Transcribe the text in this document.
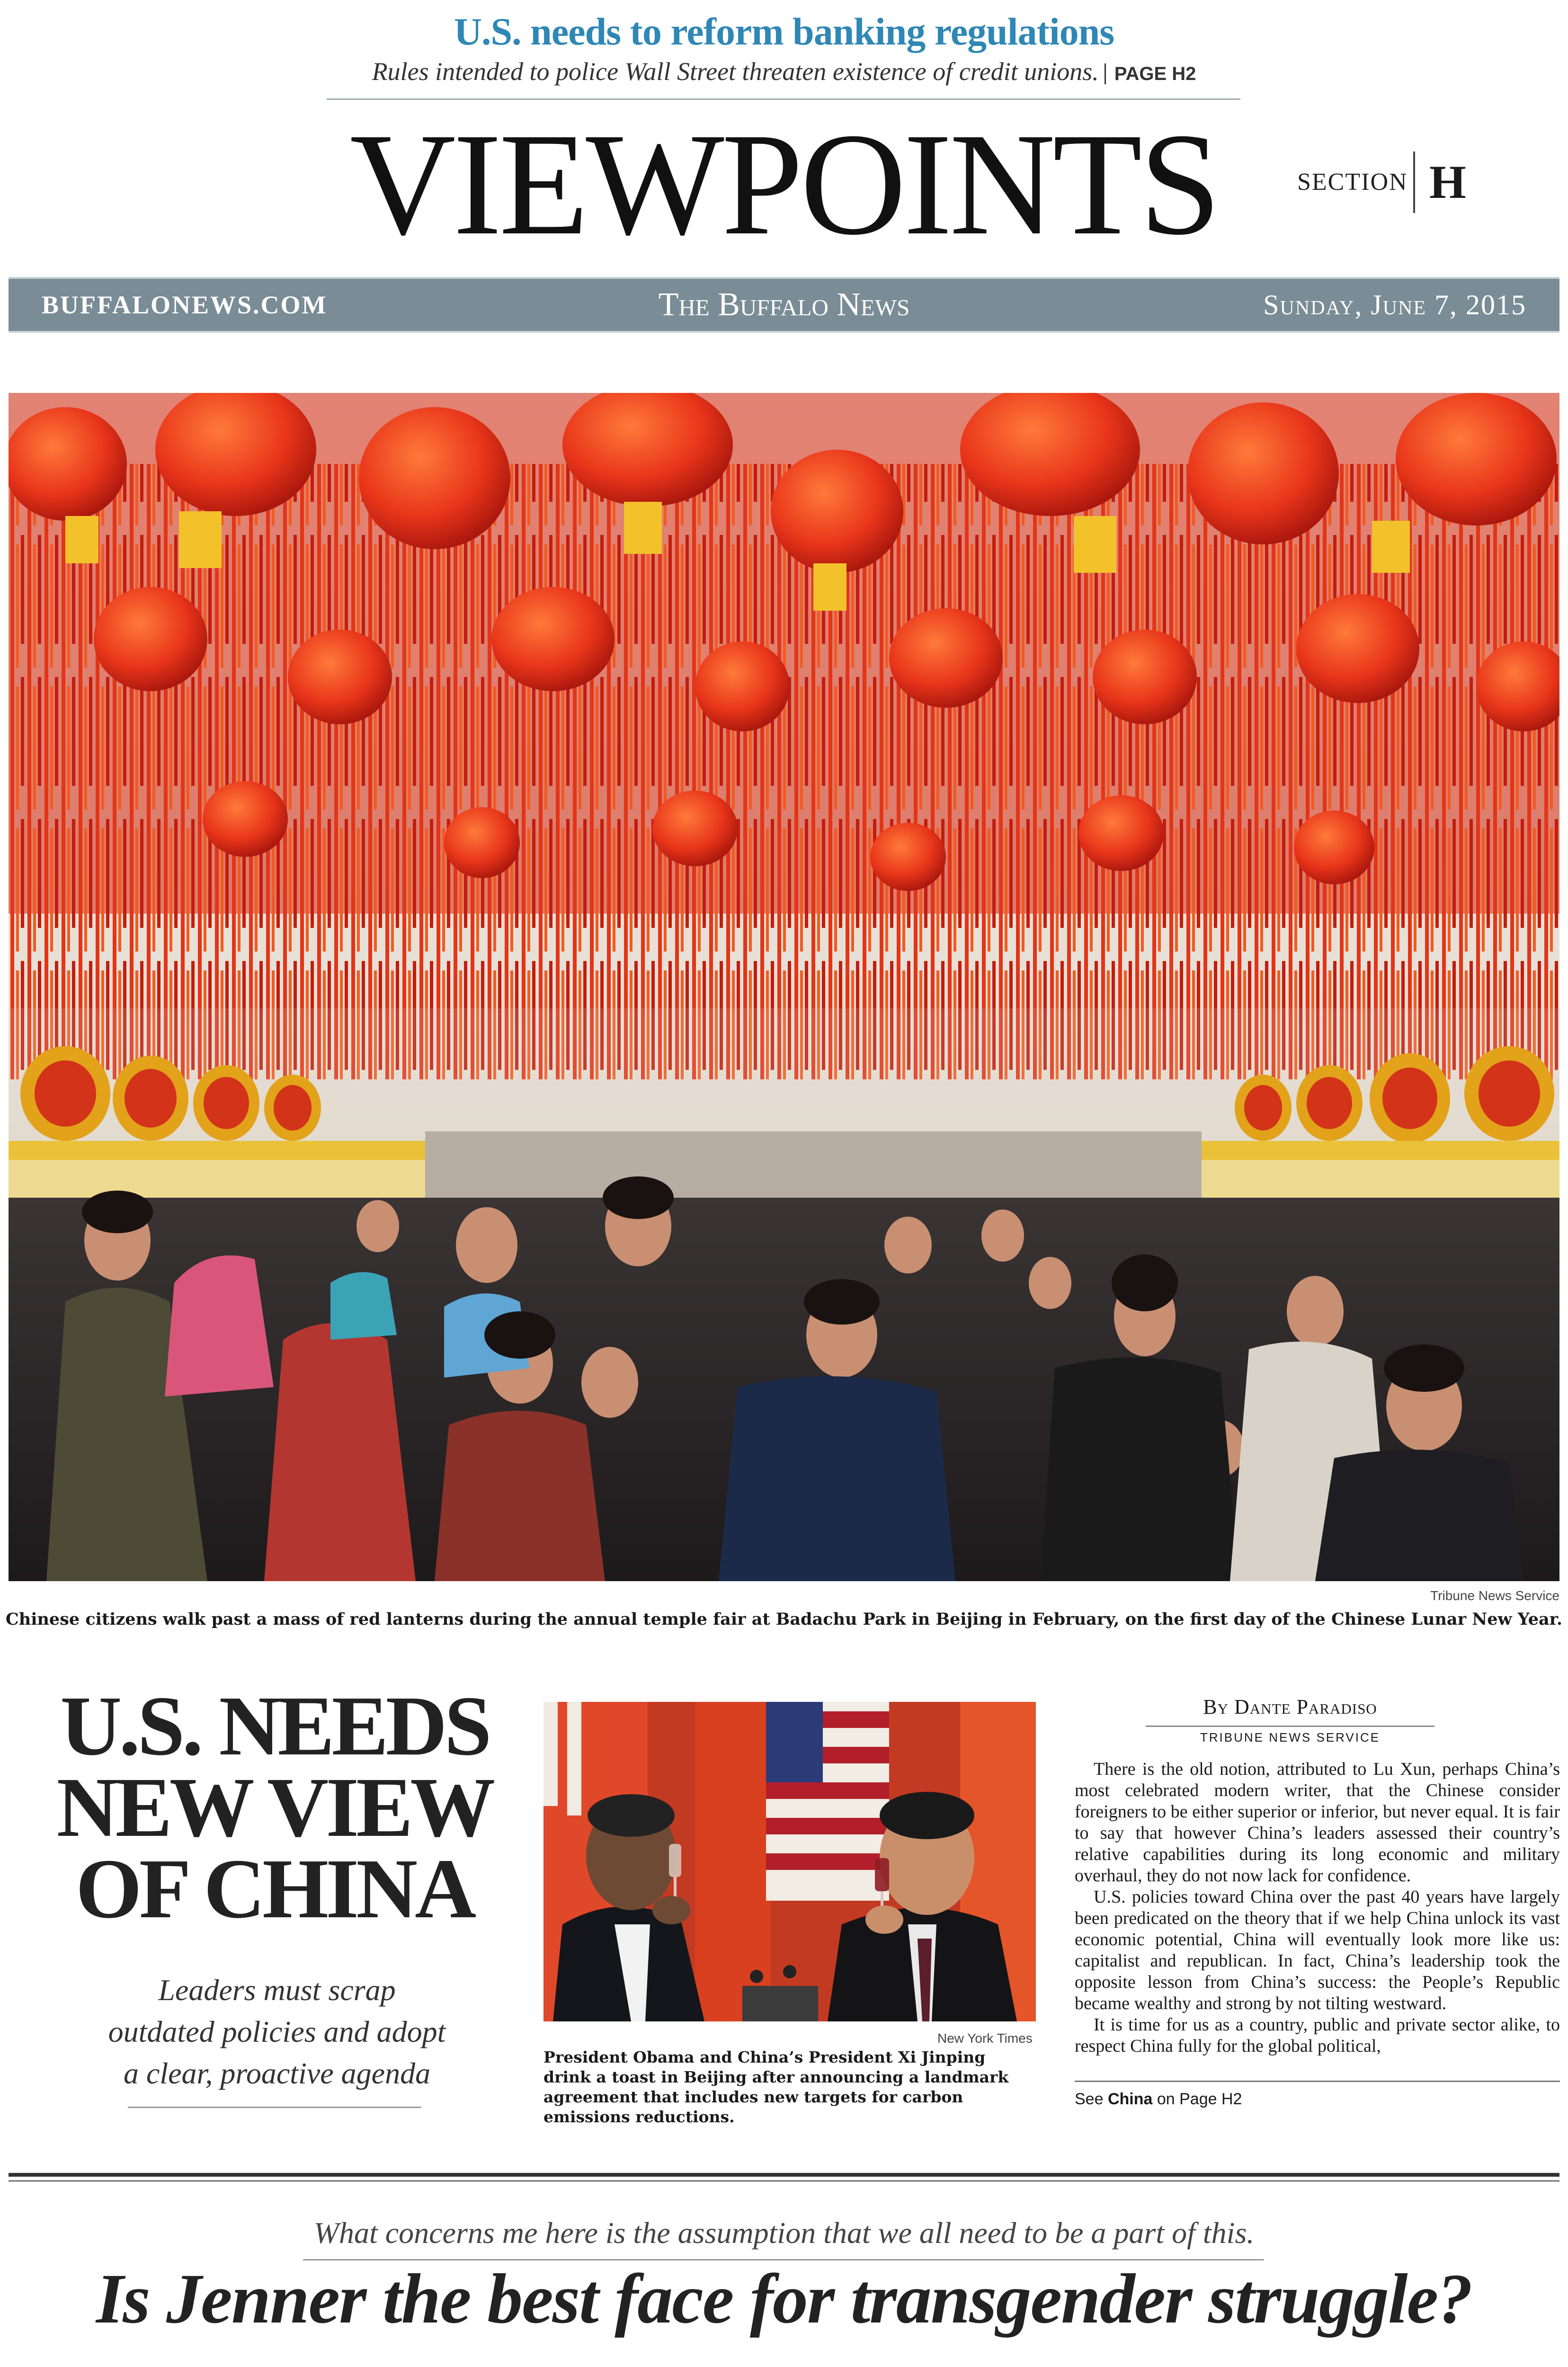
U.S. needs to reform banking regulations
Rules intended to police Wall Street threaten existence of credit unions. PAGE H2
VIEWPOINTS	SECTION H
The Buffalo News
BUFFALONEWS.COM	Sunday, June 7, 2015
Tribune News Service
Chinese citizens walk past a mass of red lanterns during the annual temple fair at Badachu Park in Beijing in February, on the first day of the Chinese Lunar New Year.
U.S. NEEDS
NEW VIEW
OF CHINA
Leaders must scrap
outdated policies and adopt
a clear, proactive agenda
New York Times
President Obama and China’s President Xi Jinping drink a toast in Beijing after announcing a landmark agreement that includes new targets for carbon emissions reductions.
By Dante Paradiso
TRIBUNE NEWS SERVICE

There is the old notion, attributed to Lu Xun, perhaps China’s most celebrated modern writer, that the Chinese consider foreigners to be either superior or inferior, but never equal. It is fair to say that however China’s leaders assessed their country’s relative capabilities during its long economic and military overhaul, they do not now lack for confidence.

U.S. policies toward China over the past 40 years have largely been predicated on the theory that if we help China unlock its vast economic potential, China will eventually look more like us: capitalist and republican. In fact, China’s leadership took the opposite lesson from China’s success: the People’s Republic became wealthy and strong by not tilting westward.

It is time for us as a country, public and private sector alike, to respect China fully for the global political,

See China on Page H2
What concerns me here is the assumption that we all need to be a part of this.
Is Jenner the best face for transgender struggle?
